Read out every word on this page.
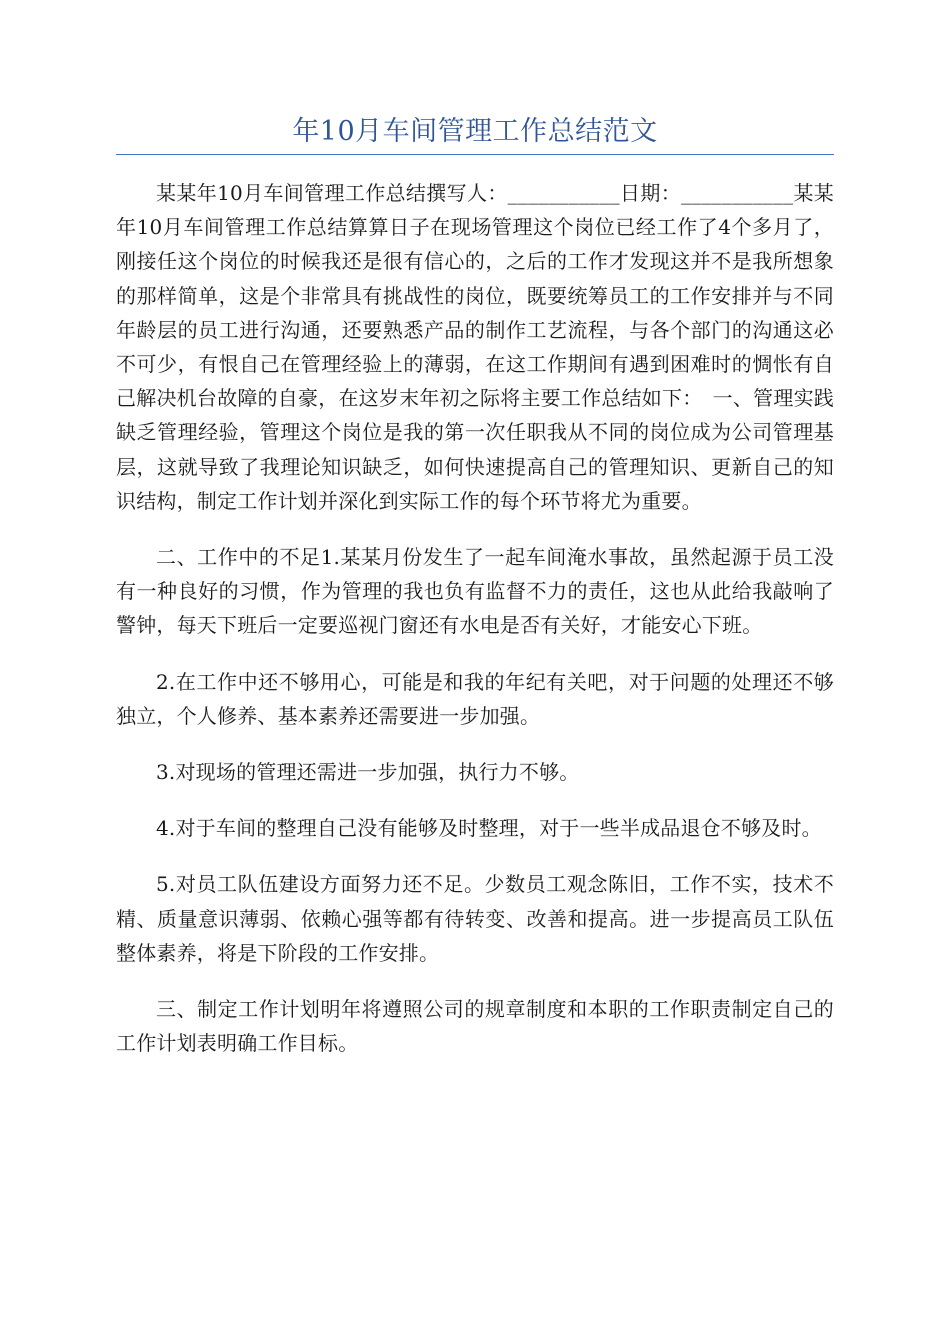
年10月车间管理工作总结范文

某某年10月车间管理工作总结撰写人：___________日期：___________某某年10月车间管理工作总结算算日子在现场管理这个岗位已经工作了4个多月了，刚接任这个岗位的时候我还是很有信心的，之后的工作才发现这并不是我所想象的那样简单，这是个非常具有挑战性的岗位，既要统筹员工的工作安排并与不同年龄层的员工进行沟通，还要熟悉产品的制作工艺流程，与各个部门的沟通这必不可少，有恨自己在管理经验上的薄弱，在这工作期间有遇到困难时的惆怅有自己解决机台故障的自豪，在这岁末年初之际将主要工作总结如下：　一、管理实践缺乏管理经验，管理这个岗位是我的第一次任职我从不同的岗位成为公司管理基层，这就导致了我理论知识缺乏，如何快速提高自己的管理知识、更新自己的知识结构，制定工作计划并深化到实际工作的每个环节将尤为重要。

二、工作中的不足1.某某月份发生了一起车间淹水事故，虽然起源于员工没有一种良好的习惯，作为管理的我也负有监督不力的责任，这也从此给我敲响了警钟，每天下班后一定要巡视门窗还有水电是否有关好，才能安心下班。

2.在工作中还不够用心，可能是和我的年纪有关吧，对于问题的处理还不够独立，个人修养、基本素养还需要进一步加强。

3.对现场的管理还需进一步加强，执行力不够。

4.对于车间的整理自己没有能够及时整理，对于一些半成品退仓不够及时。

5.对员工队伍建设方面努力还不足。少数员工观念陈旧，工作不实，技术不精、质量意识薄弱、依赖心强等都有待转变、改善和提高。进一步提高员工队伍整体素养，将是下阶段的工作安排。

三、制定工作计划明年将遵照公司的规章制度和本职的工作职责制定自己的工作计划表明确工作目标。
